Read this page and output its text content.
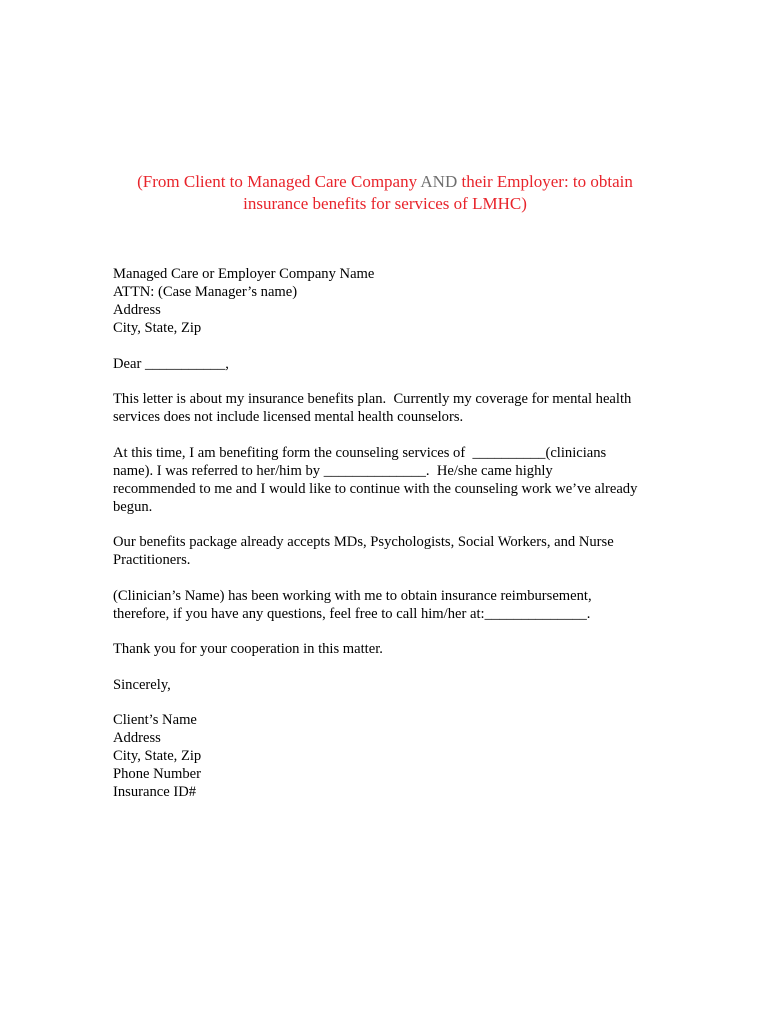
(From Client to Managed Care Company AND their Employer: to obtain
insurance benefits for services of LMHC)
Managed Care or Employer Company Name
ATTN: (Case Manager’s name)
Address
City, State, Zip
Dear ___________,
This letter is about my insurance benefits plan.  Currently my coverage for mental health
services does not include licensed mental health counselors.
At this time, I am benefiting form the counseling services of  __________(clinicians
name). I was referred to her/him by ______________.  He/she came highly
recommended to me and I would like to continue with the counseling work we’ve already
begun.
Our benefits package already accepts MDs, Psychologists, Social Workers, and Nurse
Practitioners.
(Clinician’s Name) has been working with me to obtain insurance reimbursement,
therefore, if you have any questions, feel free to call him/her at:______________.
Thank you for your cooperation in this matter.
Sincerely,
Client’s Name
Address
City, State, Zip
Phone Number
Insurance ID#
